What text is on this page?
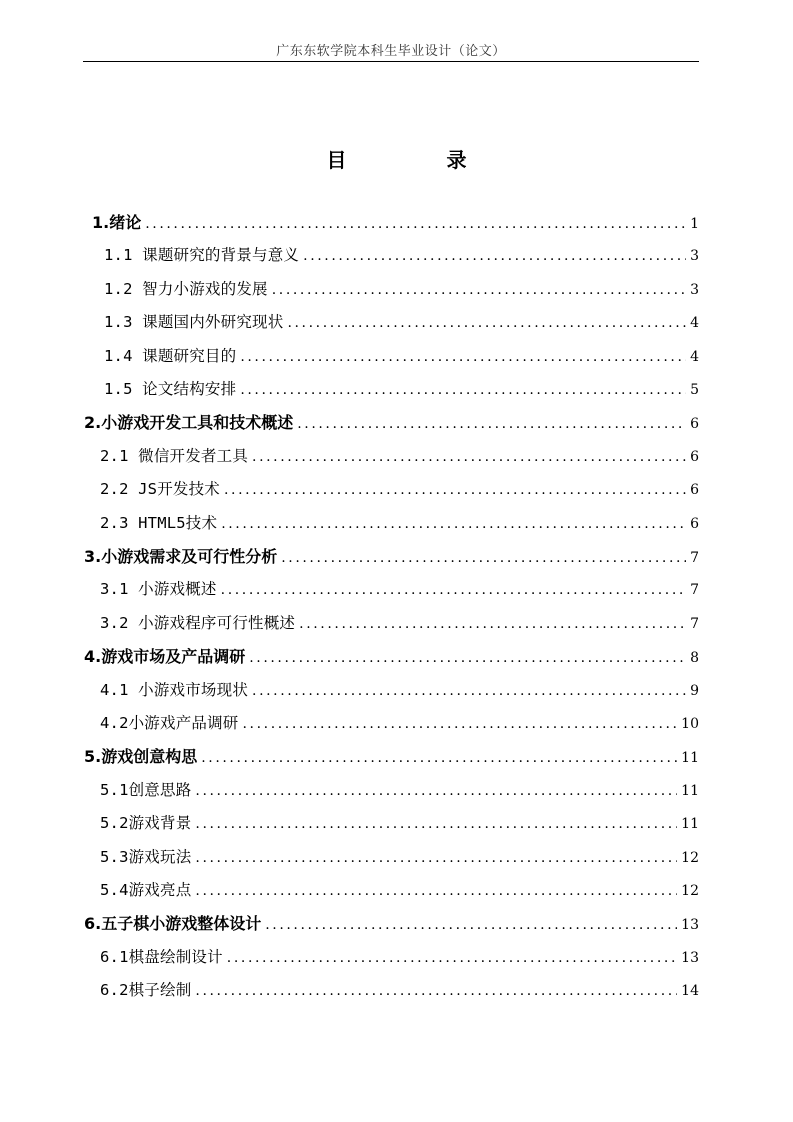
广东东软学院本科生毕业设计（论文）
目	录
1.绪论 .....	1
1.1 课题研究的背景与意义 .....	3
1.2 智力小游戏的发展 .....	3
1.3 课题国内外研究现状 .....	4
1.4 课题研究目的 .....	4
1.5 论文结构安排 .....	5
2.小游戏开发工具和技术概述 .....	6
2.1 微信开发者工具 .....	6
2.2 JS开发技术 .....	6
2.3 HTML5技术 .....	6
3.小游戏需求及可行性分析 .....	7
3.1 小游戏概述 .....	7
3.2 小游戏程序可行性概述 .....	7
4.游戏市场及产品调研 .....	8
4.1 小游戏市场现状 .....	9
4.2小游戏产品调研 .....	10
5.游戏创意构思 .....	11
5.1创意思路 .....	11
5.2游戏背景 .....	11
5.3游戏玩法 .....	12
5.4游戏亮点 .....	12
6.五子棋小游戏整体设计 .....	13
6.1棋盘绘制设计 .....	13
6.2棋子绘制 .....	14
